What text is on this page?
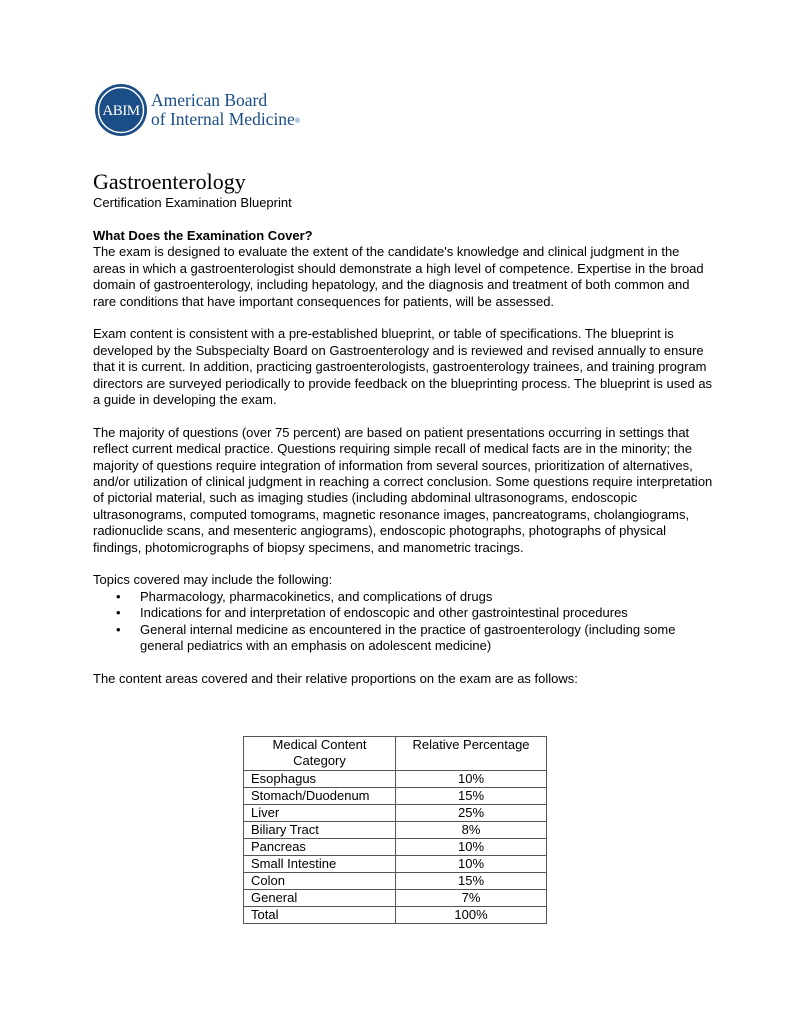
ABIM
American Board
of Internal Medicine®
Gastroenterology
Certification Examination Blueprint

What Does the Examination Cover?

The exam is designed to evaluate the extent of the candidate's knowledge and clinical judgment in the areas in which a gastroenterologist should demonstrate a high level of competence. Expertise in the broad domain of gastroenterology, including hepatology, and the diagnosis and treatment of both common and rare conditions that have important consequences for patients, will be assessed.

Exam content is consistent with a pre-established blueprint, or table of specifications. The blueprint is developed by the Subspecialty Board on Gastroenterology and is reviewed and revised annually to ensure that it is current. In addition, practicing gastroenterologists, gastroenterology trainees, and training program directors are surveyed periodically to provide feedback on the blueprinting process. The blueprint is used as a guide in developing the exam.

The majority of questions (over 75 percent) are based on patient presentations occurring in settings that reflect current medical practice. Questions requiring simple recall of medical facts are in the minority; the majority of questions require integration of information from several sources, prioritization of alternatives, and/or utilization of clinical judgment in reaching a correct conclusion. Some questions require interpretation of pictorial material, such as imaging studies (including abdominal ultrasonograms, endoscopic ultrasonograms, computed tomograms, magnetic resonance images, pancreatograms, cholangiograms, radionuclide scans, and mesenteric angiograms), endoscopic photographs, photographs of physical findings, photomicrographs of biopsy specimens, and manometric tracings.

Topics covered may include the following:

• Pharmacology, pharmacokinetics, and complications of drugs
• Indications for and interpretation of endoscopic and other gastrointestinal procedures
• General internal medicine as encountered in the practice of gastroenterology (including some general pediatrics with an emphasis on adolescent medicine)

The content areas covered and their relative proportions on the exam are as follows:

Medical Content Category	Relative Percentage
Esophagus	10%
Stomach/Duodenum	15%
Liver	25%
Biliary Tract	8%
Pancreas	10%
Small Intestine	10%
Colon	15%
General	7%
Total	100%
